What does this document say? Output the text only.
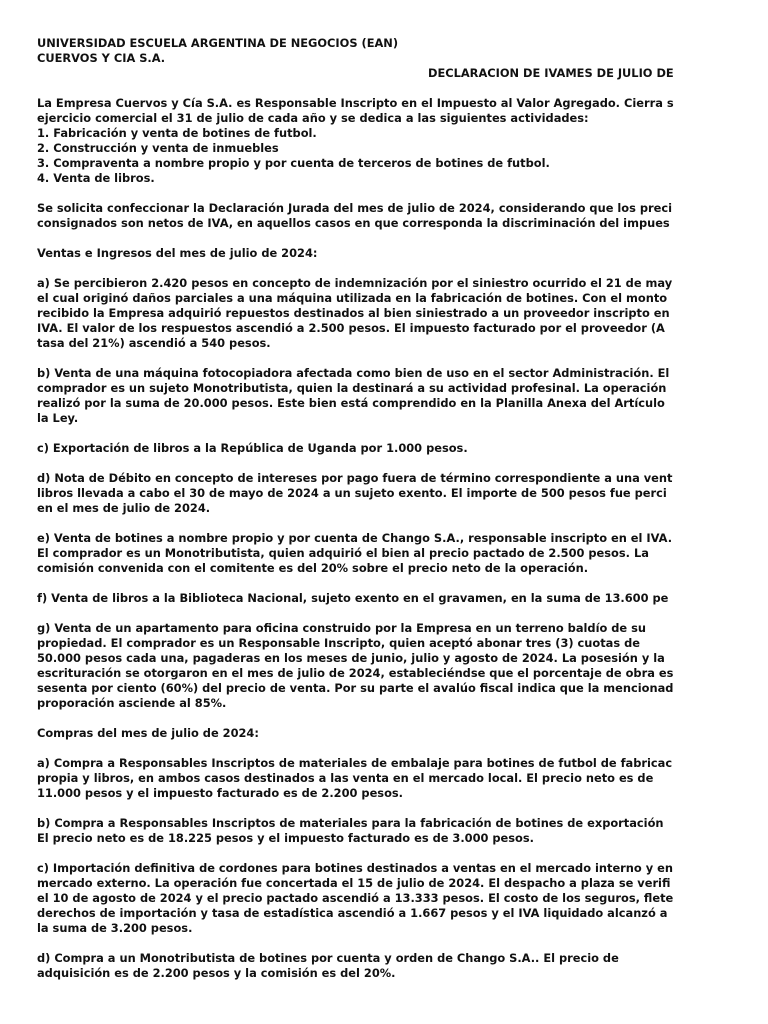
UNIVERSIDAD ESCUELA ARGENTINA DE NEGOCIOS (EAN)
CUERVOS Y CIA S.A.
DECLARACION DE IVAMES DE JULIO DE
La Empresa Cuervos y Cía S.A. es Responsable Inscripto en el Impuesto al Valor Agregado. Cierra s
ejercicio comercial el 31 de julio de cada año y se dedica a las siguientes actividades:
1. Fabricación y venta de botines de futbol.
2. Construcción y venta de inmuebles
3. Compraventa a nombre propio y por cuenta de terceros de botines de futbol.
4. Venta de libros.
Se solicita confeccionar la Declaración Jurada del mes de julio de 2024, considerando que los preci
consignados son netos de IVA, en aquellos casos en que corresponda la discriminación del impues
Ventas e Ingresos del mes de julio de 2024:
a) Se percibieron 2.420 pesos en concepto de indemnización por el siniestro ocurrido el 21 de may
el cual originó daños parciales a una máquina utilizada en la fabricación de botines. Con el monto
recibido la Empresa adquirió repuestos destinados al bien siniestrado a un proveedor inscripto en
IVA. El valor de los respuestos ascendió a 2.500 pesos. El impuesto facturado por el proveedor (A
tasa del 21%) ascendió a 540 pesos.
b) Venta de una máquina fotocopiadora afectada como bien de uso en el sector Administración. El
comprador es un sujeto Monotributista, quien la destinará a su actividad profesinal. La operación
realizó por la suma de 20.000 pesos. Este bien está comprendido en la Planilla Anexa del Artículo
la Ley.
c) Exportación de libros a la República de Uganda por 1.000 pesos.
d) Nota de Débito en concepto de intereses por pago fuera de término correspondiente a una vent
libros llevada a cabo el 30 de mayo de 2024 a un sujeto exento. El importe de 500 pesos fue perci
en el mes de julio de 2024.
e) Venta de botines a nombre propio y por cuenta de Chango S.A., responsable inscripto en el IVA.
El comprador es un Monotributista, quien adquirió el bien al precio pactado de 2.500 pesos. La
comisión convenida con el comitente es del 20% sobre el precio neto de la operación.
f) Venta de libros a la Biblioteca Nacional, sujeto exento en el gravamen, en la suma de 13.600 pe
g) Venta de un apartamento para oficina construido por la Empresa en un terreno baldío de su
propiedad. El comprador es un Responsable Inscripto, quien aceptó abonar tres (3) cuotas de
50.000 pesos cada una, pagaderas en los meses de junio, julio y agosto de 2024. La posesión y la
escrituración se otorgaron en el mes de julio de 2024, estableciéndse que el porcentaje de obra es
sesenta por ciento (60%) del precio de venta. Por su parte el avalúo fiscal indica que la mencionad
proporación asciende al 85%.
Compras del mes de julio de 2024:
a) Compra a Responsables Inscriptos de materiales de embalaje para botines de futbol de fabricac
propia y libros, en ambos casos destinados a las venta en el mercado local. El precio neto es de
11.000 pesos y el impuesto facturado es de 2.200 pesos.
b) Compra a Responsables Inscriptos de materiales para la fabricación de botines de exportación
El precio neto es de 18.225 pesos y el impuesto facturado es de 3.000 pesos.
c) Importación definitiva de cordones para botines destinados a ventas en el mercado interno y en
mercado externo. La operación fue concertada el 15 de julio de 2024. El despacho a plaza se verifi
el 10 de agosto de 2024 y el precio pactado ascendió a 13.333 pesos. El costo de los seguros, flete
derechos de importación y tasa de estadística ascendió a 1.667 pesos y el IVA liquidado alcanzó a
la suma de 3.200 pesos.
d) Compra a un Monotributista de botines por cuenta y orden de Chango S.A.. El precio de
adquisición es de 2.200 pesos y la comisión es del 20%.
